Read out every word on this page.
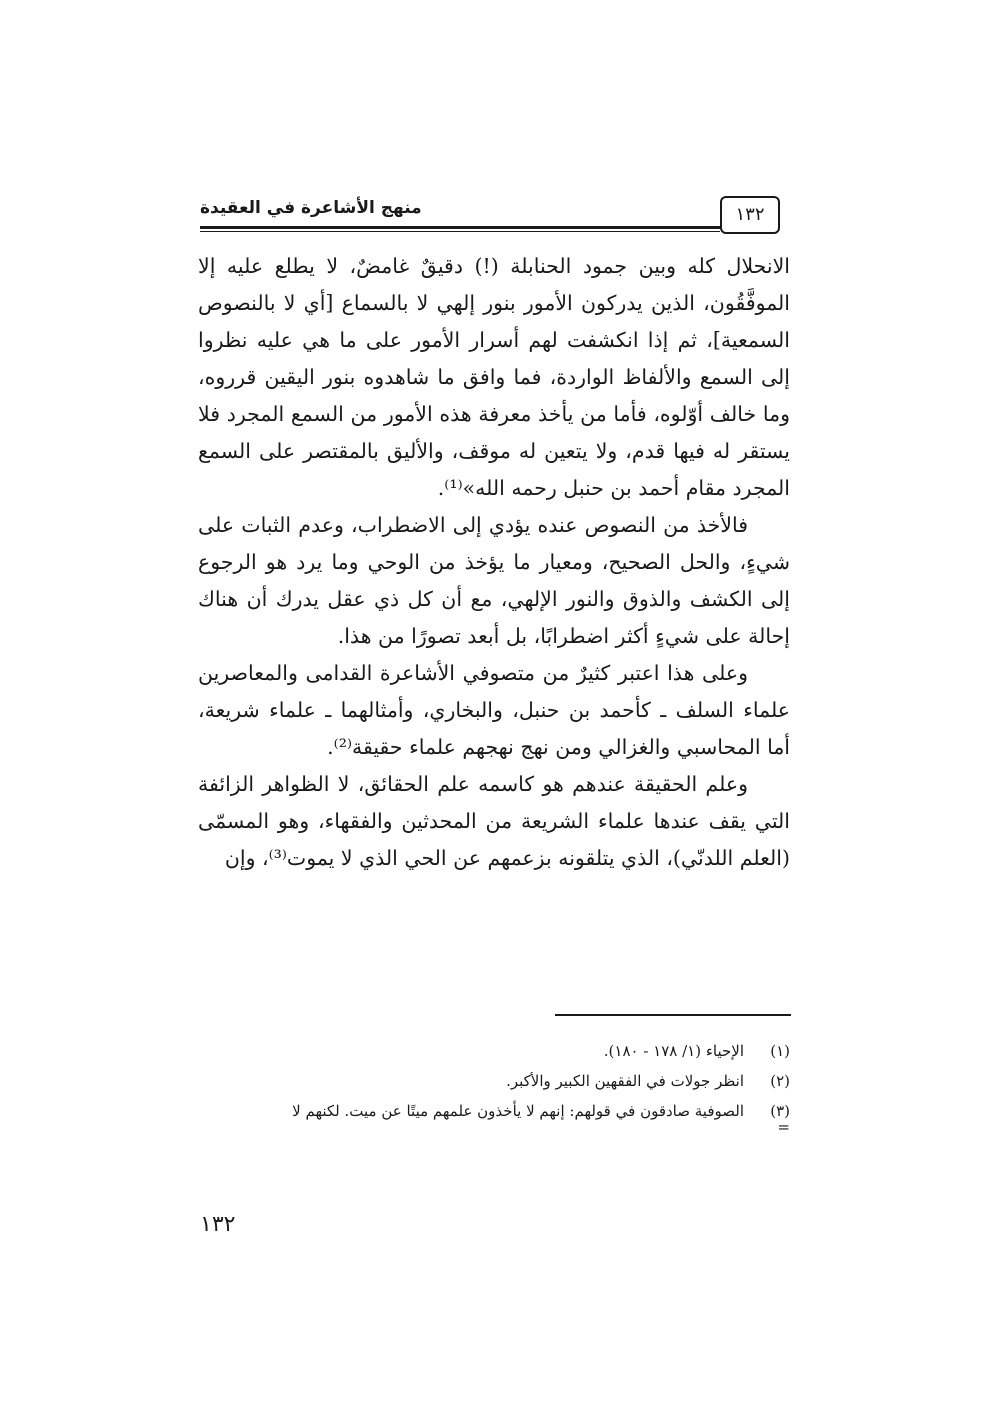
منهج الأشاعرة في العقيدة	١٣٢

الانحلال كله وبين جمود الحنابلة (!) دقيقٌ غامضٌ، لا يطلع عليه إلا الموفَّقُون، الذين يدركون الأمور بنور إلهي لا بالسماع [أي لا بالنصوص السمعية]، ثم إذا انكشفت لهم أسرار الأمور على ما هي عليه نظروا إلى السمع والألفاظ الواردة، فما وافق ما شاهدوه بنور اليقين قرروه، وما خالف أوّلوه، فأما من يأخذ معرفة هذه الأمور من السمع المجرد فلا يستقر له فيها قدم، ولا يتعين له موقف، والأليق بالمقتصر على السمع المجرد مقام أحمد بن حنبل رحمه الله»⁽¹⁾.

فالأخذ من النصوص عنده يؤدي إلى الاضطراب، وعدم الثبات على شيءٍ، والحل الصحيح، ومعيار ما يؤخذ من الوحي وما يرد هو الرجوع إلى الكشف والذوق والنور الإلهي، مع أن كل ذي عقل يدرك أن هناك إحالة على شيءٍ أكثر اضطرابًا، بل أبعد تصورًا من هذا.

وعلى هذا اعتبر كثيرٌ من متصوفي الأشاعرة القدامى والمعاصرين علماء السلف ـ كأحمد بن حنبل، والبخاري، وأمثالهما ـ علماء شريعة، أما المحاسبي والغزالي ومن نهج نهجهم علماء حقيقة⁽²⁾.

وعلم الحقيقة عندهم هو كاسمه علم الحقائق، لا الظواهر الزائفة التي يقف عندها علماء الشريعة من المحدثين والفقهاء، وهو المسمّى (العلم اللدنّي)، الذي يتلقونه بزعمهم عن الحي الذي لا يموت⁽³⁾، وإن

(١)
الإحياء (١/ ١٧٨ - ١٨٠).
(٢)
انظر جولات في الفقهين الكبير والأكبر.
(٣)
الصوفية صادقون في قولهم: إنهم لا يأخذون علمهم ميتًا عن ميت. لكنهم لا
=
١٣٢
